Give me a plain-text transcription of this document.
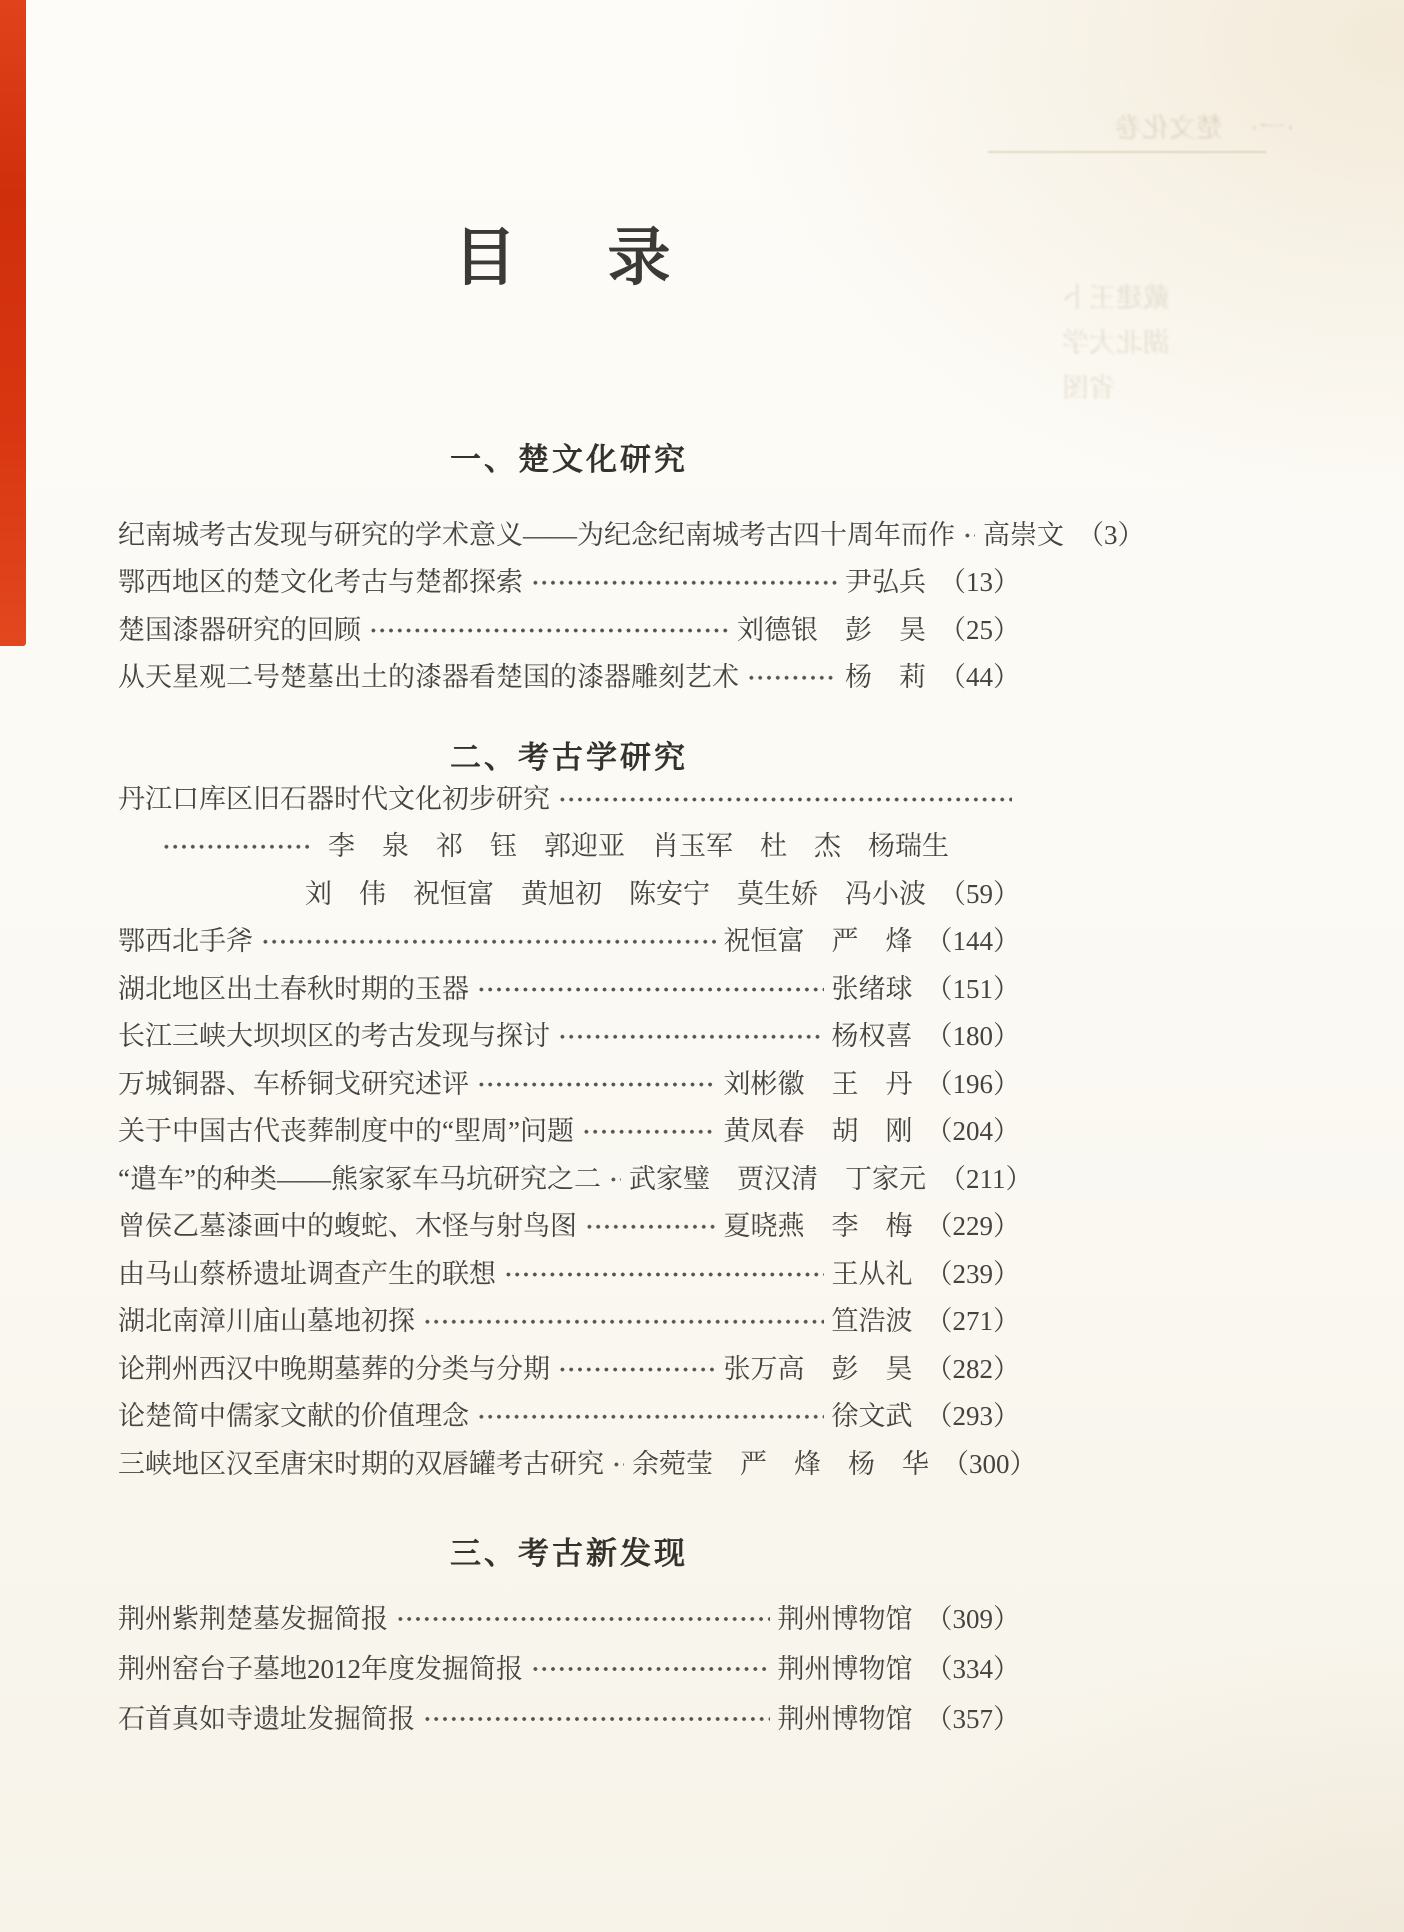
·一·　楚文化卷
戴建王卜
湖北大学
省图
目　录
一、楚文化研究
纪南城考古发现与研究的学术意义——为纪念纪南城考古四十周年而作 高崇文 （3）
鄂西地区的楚文化考古与楚都探索	尹弘兵 （13）
楚国漆器研究的回顾	刘德银　彭　昊 （25）
从天星观二号楚墓出土的漆器看楚国的漆器雕刻艺术	杨　莉 （44）
二、考古学研究
丹江口库区旧石器时代文化初步研究
李　泉　祁　钰　郭迎亚　肖玉军　杜　杰　杨瑞生
刘　伟　祝恒富　黄旭初　陈安宁　莫生娇　冯小波 （59）
鄂西北手斧	祝恒富　严　烽 （144）
湖北地区出土春秋时期的玉器	张绪球 （151）
长江三峡大坝坝区的考古发现与探讨	杨权喜 （180）
万城铜器、车桥铜戈研究述评	刘彬徽　王　丹 （196）
关于中国古代丧葬制度中的“堲周”问题	黄凤春　胡　刚 （204）
“遣车”的种类——熊家冢车马坑研究之二 武家璧　贾汉清　丁家元 （211）
曾侯乙墓漆画中的蝮蛇、木怪与射鸟图	夏晓燕　李　梅 （229）
由马山蔡桥遗址调查产生的联想	王从礼 （239）
湖北南漳川庙山墓地初探	笪浩波 （271）
论荆州西汉中晚期墓葬的分类与分期	张万高　彭　昊 （282）
论楚简中儒家文献的价值理念	徐文武 （293）
三峡地区汉至唐宋时期的双唇罐考古研究 余菀莹　严　烽　杨　华 （300）
三、考古新发现
荆州紫荆楚墓发掘简报	荆州博物馆 （309）
荆州窑台子墓地2012年度发掘简报	荆州博物馆 （334）
石首真如寺遗址发掘简报	荆州博物馆 （357）
